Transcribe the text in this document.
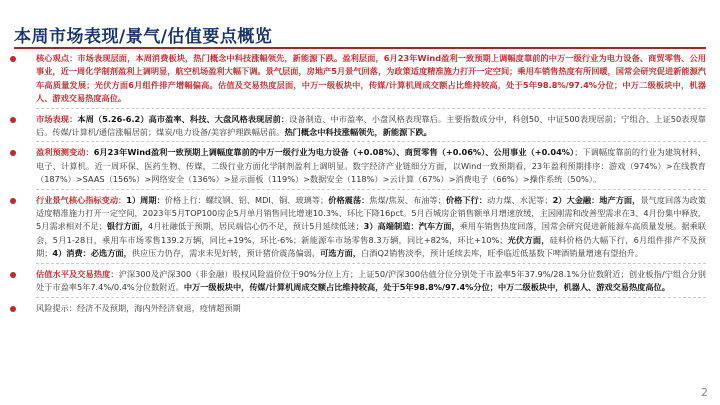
本周市场表现/景气/估值要点概览
核心观点：市场表现层面，本周消费板块，热门概念中科技涨幅领先，新能源下跌。盈利层面，6月23年Wind盈利一致预期上调幅度靠前的中万一级行业为电力设备、商贸零售、公用事业，近一周化学制剂盈利上调明显，航空机场盈利大幅下调。景气层面，房地产5月景气回落，为政策适度精准施力打开一定空间；乘用车销售热度有所回暖，国常会研究促进新能源汽车高质量发展；光伏方面6月组件排产增幅偏高。估值及交易热度层面，中万一级板块中，传媒/计算机周成交额占比维持较高，处于5年98.8%/97.4%分位；中万二级板块中，机器人、游戏交易热度高位。
市场表现：本周（5.26-6.2）高市盈率、科技、大盘风格表现居前：设备制造、中市盈率、小盘风格表现靠后。主要指数成分中，科创50、中证500表现居前；宁组合、上证50表现靠后。传媒/计算机/通信涨幅居前；煤炭/电力设备/美容护理跌幅居前。热门概念中科技涨幅领先，新能源下跌。
盈利预测变动：6月23年Wind盈利一致预期上调幅度靠前的中万一级行业为电力设备（+0.08%）、商贸零售（+0.06%）、公用事业（+0.04%）；下调幅度靠前的行业为建筑材料、电子、计算机。近一周环保、医药生物、传媒，二级行业方面化学制剂盈利上调明显。数字经济产业链细分方面，以Wind一致预期看，23年盈利预期排序：游戏（974%）>在线教育（187%）>SAAS（156%）>网络安全（136%）>显示面板（119%）>数据安全（118%）>云计算（67%）>消费电子（66%）>操作系统（50%）。
行业景气核心指标变动：1）周期：价格上行：螺纹钢、铝、MDI、铜、玻璃等；价格震荡：焦煤/焦炭、布油等；价格下行：动力煤、水泥等；2）大金融：地产方面，景气度回落为政策适度精准施力打开一定空间，2023年5月TOP100房企5月单月销售同比增速10.3%、环比下降16pct。5月百城房企销售额单月增速放缓，主因刚需和改善型需求在3、4月份集中释放，5月需求相对不足；银行方面，4月社融低于预期，居民端信心仍不足，预计5月延续低迷；3）高端制造：汽车方面，乘用车销售热度回落，国常会研究促进新能源车高质量发展。据乘联会，5月1-28日，乘用车市场零售139.2万辆，同比+19%，环比-6%；新能源车市场零售8.3万辆，同比+82%，环比+10%；光伏方面，硅料价格仍大幅下行，6月组件排产不及预期；4）消费：必选方面，供应压力仍存，需求未见好转，预计猪价震荡偏弱，可选方面，白酒Q2销售淡季，预计延续去库，旺季临近低基数下啤酒销量增速有望抬升。
估值水平及交易热度：沪深300及沪深300（非金融）股权风险溢价位于90%分位上方；上证50/沪深300估值分位分别处于市盈率5年37.9%/28.1%分位数附近；创业板指/宁组合分别处于市盈率5年7.4%/0.4%分位数附近。中万一级板块中，传媒/计算机周成交额占比维持较高，处于5年98.8%/97.4%分位；中万二级板块中，机器人、游戏交易热度高位。
风险提示：经济不及预期，海内外经济衰退，疫情超预期
2
